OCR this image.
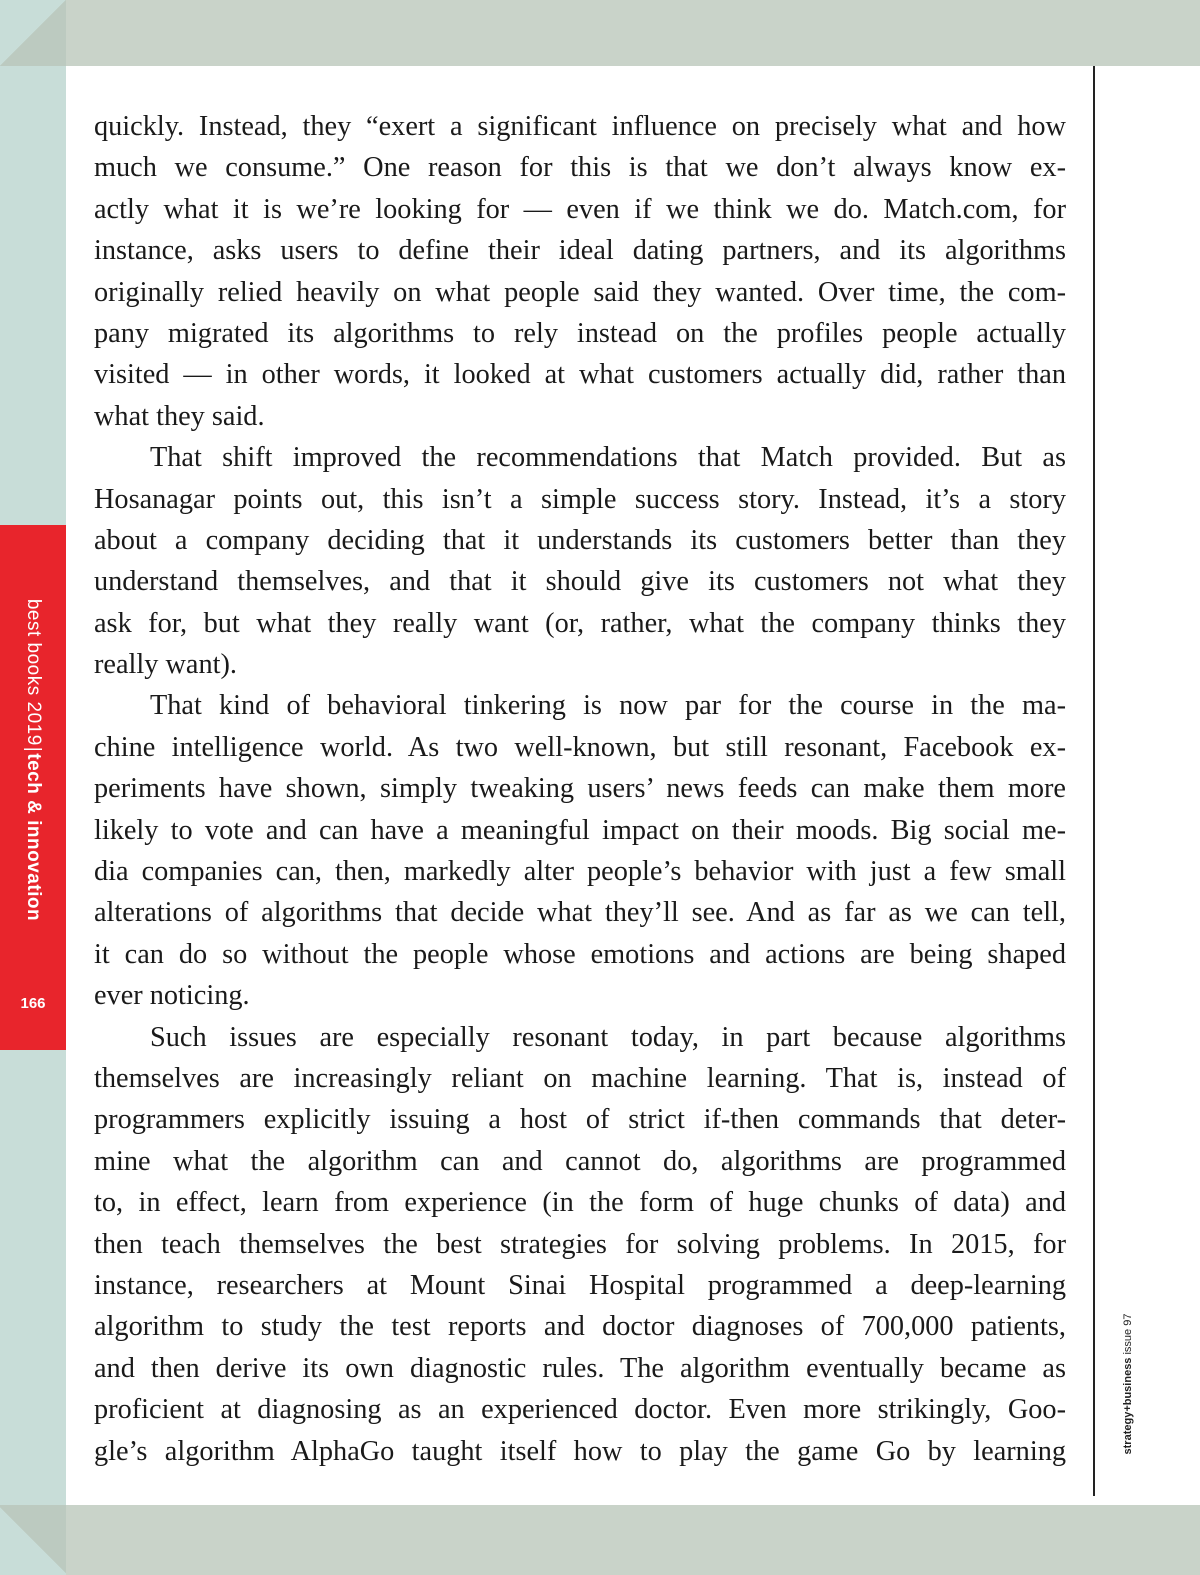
best books 2019|tech & innovation
166
strategy+business issue 97
quickly. Instead, they “exert a significant influence on precisely what and how
much we consume.” One reason for this is that we don’t always know ex-
actly what it is we’re looking for — even if we think we do. Match.com, for
instance, asks users to define their ideal dating partners, and its algorithms
originally relied heavily on what people said they wanted. Over time, the com-
pany migrated its algorithms to rely instead on the profiles people actually
visited — in other words, it looked at what customers actually did, rather than
what they said.
That shift improved the recommendations that Match provided. But as
Hosanagar points out, this isn’t a simple success story. Instead, it’s a story
about a company deciding that it understands its customers better than they
understand themselves, and that it should give its customers not what they
ask for, but what they really want (or, rather, what the company thinks they
really want).
That kind of behavioral tinkering is now par for the course in the ma-
chine intelligence world. As two well-known, but still resonant, Facebook ex-
periments have shown, simply tweaking users’ news feeds can make them more
likely to vote and can have a meaningful impact on their moods. Big social me-
dia companies can, then, markedly alter people’s behavior with just a few small
alterations of algorithms that decide what they’ll see. And as far as we can tell,
it can do so without the people whose emotions and actions are being shaped
ever noticing.
Such issues are especially resonant today, in part because algorithms
themselves are increasingly reliant on machine learning. That is, instead of
programmers explicitly issuing a host of strict if-then commands that deter-
mine what the algorithm can and cannot do, algorithms are programmed
to, in effect, learn from experience (in the form of huge chunks of data) and
then teach themselves the best strategies for solving problems. In 2015, for
instance, researchers at Mount Sinai Hospital programmed a deep-learning
algorithm to study the test reports and doctor diagnoses of 700,000 patients,
and then derive its own diagnostic rules. The algorithm eventually became as
proficient at diagnosing as an experienced doctor. Even more strikingly, Goo-
gle’s algorithm AlphaGo taught itself how to play the game Go by learning
